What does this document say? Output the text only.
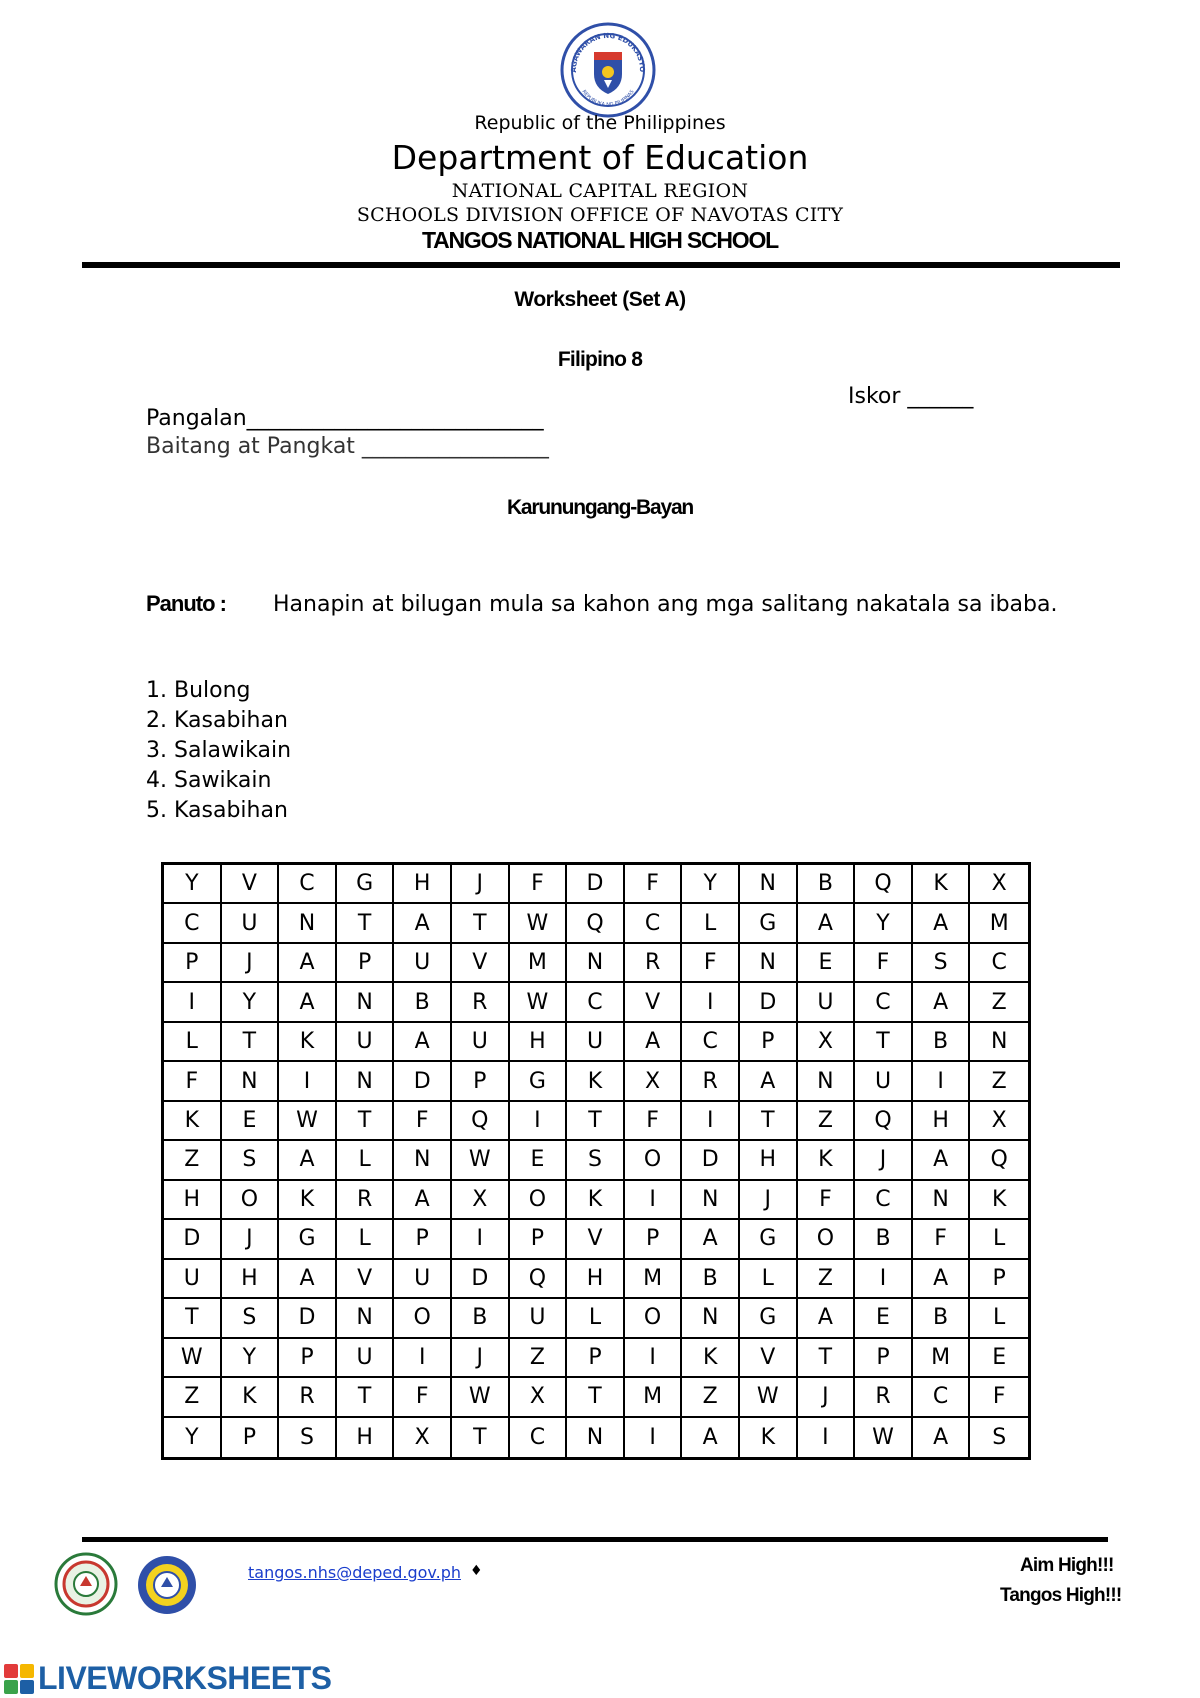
AGAWARAN NG EDUKASYO
REPUBLIKA NG PILIPINAS
Republic of the Philippines
Department of Education
NATIONAL CAPITAL REGION
SCHOOLS DIVISION OFFICE OF NAVOTAS CITY
TANGOS NATIONAL HIGH SCHOOL
Worksheet (Set A)
Filipino 8
Iskor ______
Pangalan___________________________
Baitang at Pangkat _________________
Karunungang-Bayan
Panuto : Hanapin at bilugan mula sa kahon ang mga salitang nakatala sa ibaba.
1. Bulong
2. Kasabihan
3. Salawikain
4. Sawikain
5. Kasabihan
Y	V	C	G	H	J	F	D	F	Y	N	B	Q	K	X
C	U	N	T	A	T	W	Q	C	L	G	A	Y	A	M
P	J	A	P	U	V	M	N	R	F	N	E	F	S	C
I	Y	A	N	B	R	W	C	V	I	D	U	C	A	Z
L	T	K	U	A	U	H	U	A	C	P	X	T	B	N
F	N	I	N	D	P	G	K	X	R	A	N	U	I	Z
K	E	W	T	F	Q	I	T	F	I	T	Z	Q	H	X
Z	S	A	L	N	W	E	S	O	D	H	K	J	A	Q
H	O	K	R	A	X	O	K	I	N	J	F	C	N	K
D	J	G	L	P	I	P	V	P	A	G	O	B	F	L
U	H	A	V	U	D	Q	H	M	B	L	Z	I	A	P
T	S	D	N	O	B	U	L	O	N	G	A	E	B	L
W	Y	P	U	I	J	Z	P	I	K	V	T	P	M	E
Z	K	R	T	F	W	X	T	M	Z	W	J	R	C	F
Y	P	S	H	X	T	C	N	I	A	K	I	W	A	S
tangos.nhs@deped.gov.ph ♦	Aim High!!!
Tangos High!!!
LIVEWORKSHEETS
